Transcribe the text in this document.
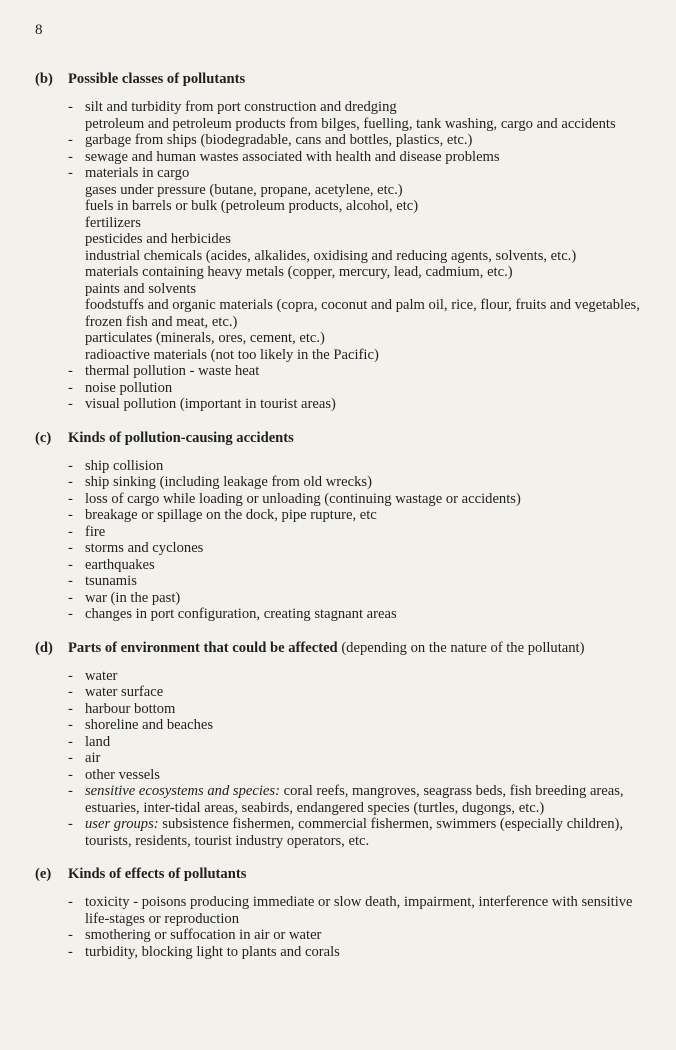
8
(b) Possible classes of pollutants
- silt and turbidity from port construction and dredging
petroleum and petroleum products from bilges, fuelling, tank washing, cargo and accidents
- garbage from ships (biodegradable, cans and bottles, plastics, etc.)
- sewage and human wastes associated with health and disease problems
- materials in cargo
gases under pressure (butane, propane, acetylene, etc.)
fuels in barrels or bulk (petroleum products, alcohol, etc)
fertilizers
pesticides and herbicides
industrial chemicals (acides, alkalides, oxidising and reducing agents, solvents, etc.)
materials containing heavy metals (copper, mercury, lead, cadmium, etc.)
paints and solvents
foodstuffs and organic materials (copra, coconut and palm oil, rice, flour, fruits and vegetables, frozen fish and meat, etc.)
particulates (minerals, ores, cement, etc.)
radioactive materials (not too likely in the Pacific)
- thermal pollution - waste heat
- noise pollution
- visual pollution (important in tourist areas)
(c) Kinds of pollution-causing accidents
- ship collision
- ship sinking (including leakage from old wrecks)
- loss of cargo while loading or unloading (continuing wastage or accidents)
- breakage or spillage on the dock, pipe rupture, etc
- fire
- storms and cyclones
- earthquakes
- tsunamis
- war (in the past)
- changes in port configuration, creating stagnant areas
(d) Parts of environment that could be affected (depending on the nature of the pollutant)
- water
- water surface
- harbour bottom
- shoreline and beaches
- land
- air
- other vessels
- sensitive ecosystems and species: coral reefs, mangroves, seagrass beds, fish breeding areas, estuaries, inter-tidal areas, seabirds, endangered species (turtles, dugongs, etc.)
- user groups: subsistence fishermen, commercial fishermen, swimmers (especially children), tourists, residents, tourist industry operators, etc.
(e) Kinds of effects of pollutants
- toxicity - poisons producing immediate or slow death, impairment, interference with sensitive life-stages or reproduction
- smothering or suffocation in air or water
- turbidity, blocking light to plants and corals
